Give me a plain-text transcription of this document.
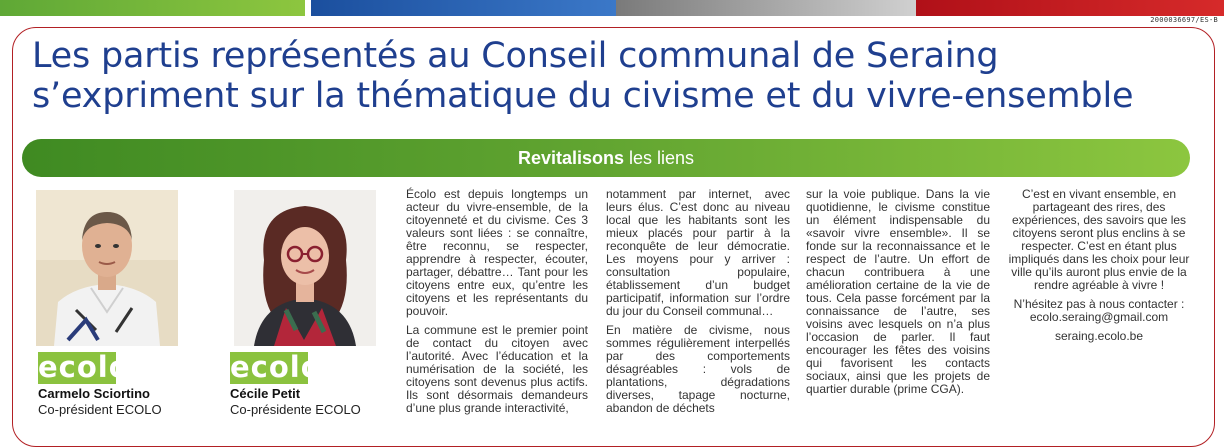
2000036697/ES-B
Les partis représentés au Conseil communal de Seraing
s’expriment sur la thématique du civisme et du vivre-ensemble
Revitalisons les liens
ecolo
Carmelo Sciortino
Co-président ECOLO
ecolo
Cécile Petit
Co-présidente ECOLO

Écolo est depuis longtemps un acteur du vivre-ensemble, de la citoyenneté et du civisme. Ces 3 valeurs sont liées : se connaître, être reconnu, se respecter, apprendre à respecter, écouter, partager, débattre… Tant pour les citoyens entre eux, qu’entre les citoyens et les représentants du pouvoir.

La commune est le premier point de contact du citoyen avec l’autorité. Avec l’éducation et la numérisation de la société, les citoyens sont devenus plus actifs. Ils sont désormais demandeurs d’une plus grande interactivité,

notamment par internet, avec leurs élus. C’est donc au niveau local que les habitants sont les mieux placés pour partir à la reconquête de leur démocratie. Les moyens pour y arriver : consultation populaire, établissement d’un budget participatif, information sur l’ordre du jour du Conseil communal…

En matière de civisme, nous sommes régulièrement interpellés par des comportements désagréables : vols de plantations, dégradations diverses, tapage nocturne, abandon de déchets

sur la voie publique. Dans la vie quotidienne, le civisme constitue un élément indispensable du «savoir vivre ensemble». Il se fonde sur la reconnaissance et le respect de l’autre. Un effort de chacun contribuera à une amélioration certaine de la vie de tous. Cela passe forcément par la connaissance de l’autre, ses voisins avec lesquels on n’a plus l’occasion de parler. Il faut encourager les fêtes des voisins qui favorisent les contacts sociaux, ainsi que les projets de quartier durable (prime CGA).

C’est en vivant ensemble, en partageant des rires, des expériences, des savoirs que les citoyens seront plus enclins à se respecter. C’est en étant plus impliqués dans les choix pour leur ville qu’ils auront plus envie de la rendre agréable à vivre !

N’hésitez pas à nous contacter : ecolo.seraing@gmail.com

seraing.ecolo.be
